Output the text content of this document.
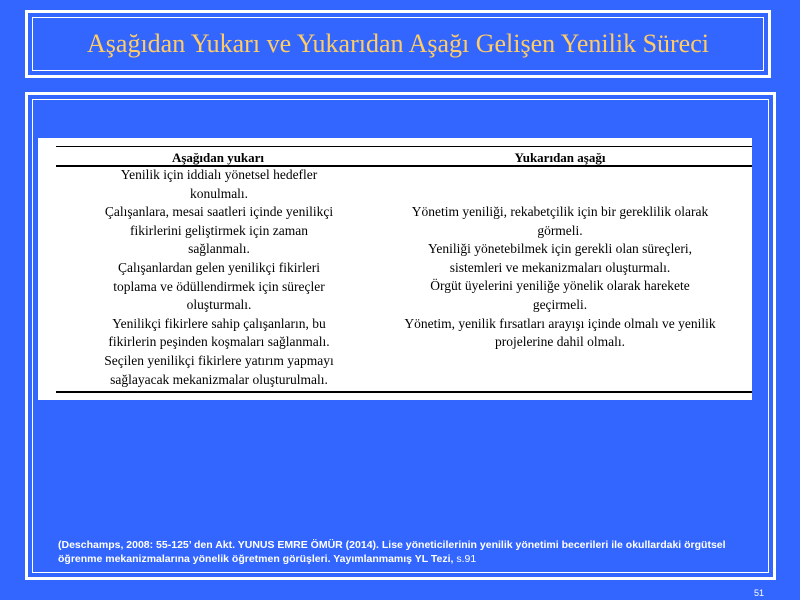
Aşağıdan Yukarı ve Yukarıdan Aşağı Gelişen Yenilik Süreci
Aşağıdan yukarı	Yukarıdan aşağı
Yenilik için iddialı yönetsel hedefler
konulmalı.
Çalışanlara, mesai saatleri içinde yenilikçi
fikirlerini geliştirmek için zaman
sağlanmalı.
Çalışanlardan gelen yenilikçi fikirleri
toplama ve ödüllendirmek için süreçler
oluşturmalı.
Yenilikçi fikirlere sahip çalışanların, bu
fikirlerin peşinden koşmaları sağlanmalı.
Seçilen yenilikçi fikirlere yatırım yapmayı
sağlayacak mekanizmalar oluşturulmalı.
Yönetim yeniliği, rekabetçilik için bir gereklilik olarak
görmeli.
Yeniliği yönetebilmek için gerekli olan süreçleri,
sistemleri ve mekanizmaları oluşturmalı.
Örgüt üyelerini yeniliğe yönelik olarak harekete
geçirmeli.
Yönetim, yenilik fırsatları arayışı içinde olmalı ve yenilik
projelerine dahil olmalı.
(Deschamps, 2008: 55-125’ den Akt. YUNUS EMRE ÖMÜR (2014). Lise yöneticilerinin yenilik yönetimi becerileri ile okullardaki örgütsel öğrenme mekanizmalarına yönelik öğretmen görüşleri. Yayımlanmamış YL Tezi, s.91
51
